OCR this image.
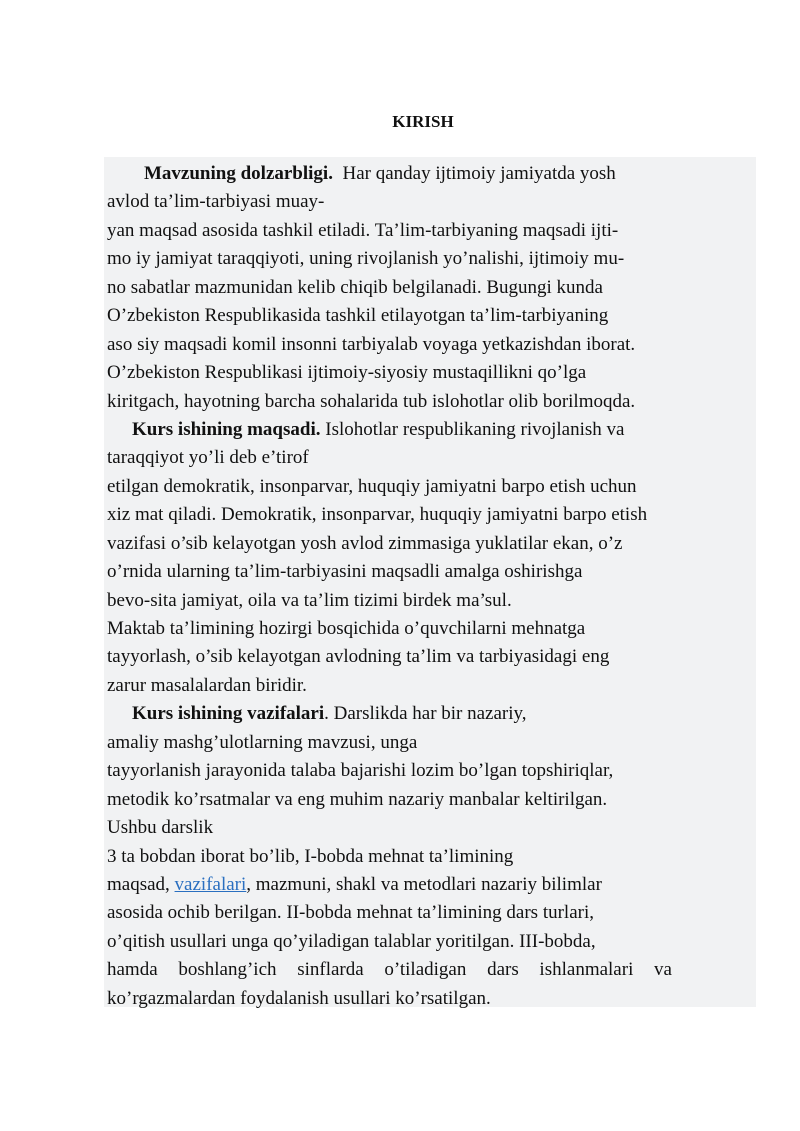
KIRISH
Mavzuning dolzarbligi.  Har qanday ijtimoiy jamiyatda yosh
avlod ta’lim-tarbiyasi muay-
yan maqsad asosida tashkil etiladi. Ta’lim-tarbiyaning maqsadi ijti-
mo iy jamiyat taraqqiyoti, uning rivojlanish yo’nalishi, ijtimoiy mu-
no sabatlar mazmunidan kelib chiqib belgilanadi. Bugungi kunda
O’zbekiston Respublikasida tashkil etilayotgan ta’lim-tarbiyaning
aso siy maqsadi komil insonni tarbiyalab voyaga yetkazishdan iborat.
O’zbekiston Respublikasi ijtimoiy-siyosiy mustaqillikni qo’lga
kiritgach, hayotning barcha sohalarida tub islohotlar olib borilmoqda.
Kurs ishining maqsadi. Islohotlar respublikaning rivojlanish va
taraqqiyot yo’li deb e’tirof
etilgan demokratik, insonparvar, huquqiy jamiyatni barpo etish uchun
xiz mat qiladi. Demokratik, insonparvar, huquqiy jamiyatni barpo etish
vazifasi o’sib kelayotgan yosh avlod zimmasiga yuklatilar ekan, o’z
o’rnida ularning ta’lim-tarbiyasini maqsadli amalga oshirishga
bevo-sita jamiyat, oila va ta’lim tizimi birdek ma’sul.
Maktab ta’limining hozirgi bosqichida o’quvchilarni mehnatga
tayyorlash, o’sib kelayotgan avlodning ta’lim va tarbiyasidagi eng
zarur masalalardan biridir.
Kurs ishining vazifalari. Darslikda har bir nazariy,
amaliy mashg’ulotlarning mavzusi, unga
tayyorlanish jarayonida talaba bajarishi lozim bo’lgan topshiriqlar,
metodik ko’rsatmalar va eng muhim nazariy manbalar keltirilgan.
Ushbu darslik
3 ta bobdan iborat bo’lib, I-bobda mehnat ta’limining
maqsad, vazifalari, mazmuni, shakl va metodlari nazariy bilimlar
asosida ochib berilgan. II-bobda mehnat ta’limining dars turlari,
o’qitish usullari unga qo’yiladigan talablar yoritilgan. III-bobda,
hamda boshlang’ich sinflarda o’tiladigan dars ishlanmalari va
ko’rgazmalardan foydalanish usullari ko’rsatilgan.
